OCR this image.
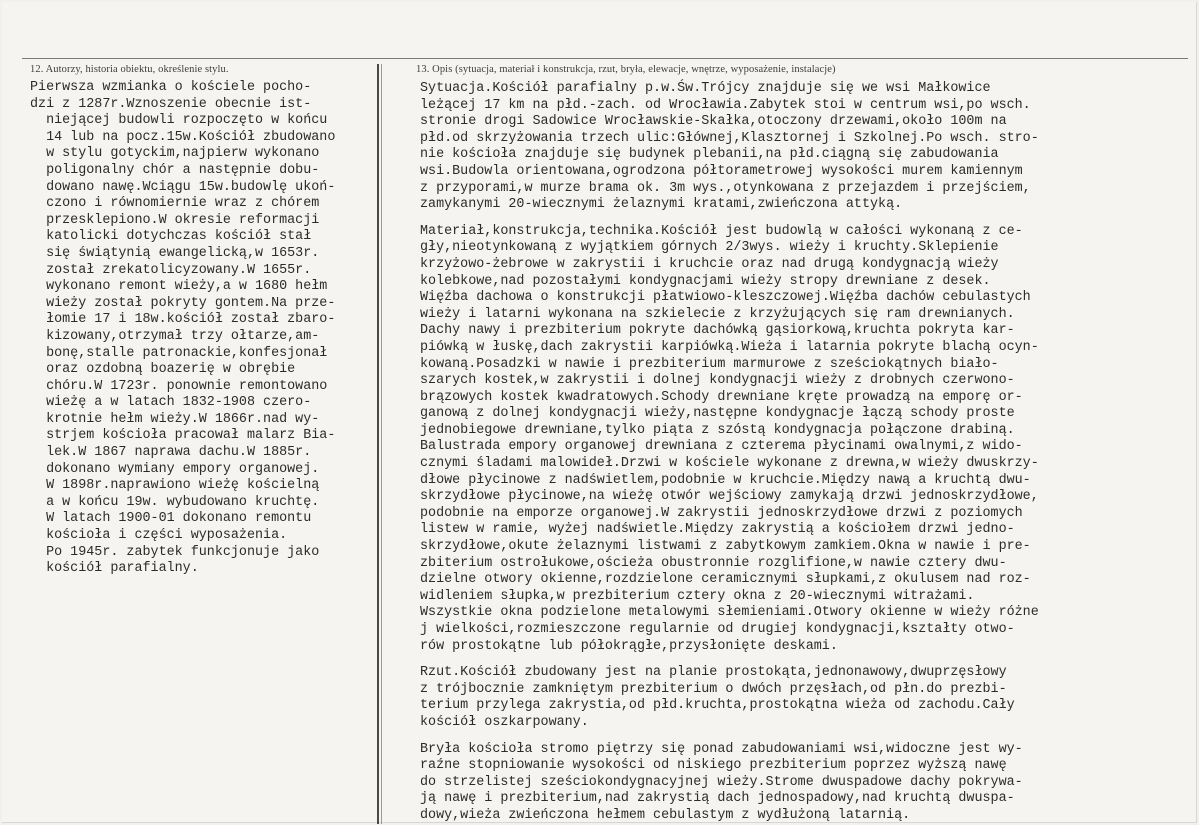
12. Autorzy, historia obiektu, określenie stylu.	13. Opis (sytuacja, materiał i konstrukcja, rzut, bryła, elewacje, wnętrze, wyposażenie, instalacje)
Pierwsza wzmianka o kościele pocho-
dzi z 1287r.Wznoszenie obecnie ist-
niejącej budowli rozpoczęto w końcu
14 lub na pocz.15w.Kościół zbudowano
w stylu gotyckim,najpierw wykonano
poligonalny chór a następnie dobu-
dowano nawę.Wciągu 15w.budowlę ukoń-
czono i równomiernie wraz z chórem
przesklepiono.W okresie reformacji
katolicki dotychczas kościół stał
się świątynią ewangelicką,w 1653r.
został zrekatolicyzowany.W 1655r.
wykonano remont wieży,a w 1680 hełm
wieży został pokryty gontem.Na prze-
łomie 17 i 18w.kościół został zbaro-
kizowany,otrzymał trzy ołtarze,am-
bonę,stalle patronackie,konfesjonał
oraz ozdobną boazerię w obrębie
chóru.W 1723r. ponownie remontowano
wieżę a w latach 1832-1908 czero-
krotnie hełm wieży.W 1866r.nad wy-
strjem kościoła pracował malarz Bia-
lek.W 1867 naprawa dachu.W 1885r.
dokonano wymiany empory organowej.
W 1898r.naprawiono wieżę kościelną
a w końcu 19w. wybudowano kruchtę.
W latach 1900-01 dokonano remontu
kościoła i części wyposażenia.
Po 1945r. zabytek funkcjonuje jako
kościół parafialny.
Sytuacja.Kościół parafialny p.w.Św.Trójcy znajduje się we wsi Małkowice
leżącej 17 km na płd.-zach. od Wrocławia.Zabytek stoi w centrum wsi,po wsch.
stronie drogi Sadowice Wrocławskie-Skałka,otoczony drzewami,około 100m na
płd.od skrzyżowania trzech ulic:Głównej,Klasztornej i Szkolnej.Po wsch. stro-
nie kościoła znajduje się budynek plebanii,na płd.ciągną się zabudowania
wsi.Budowla orientowana,ogrodzona półtorametrowej wysokości murem kamiennym
z przyporami,w murze brama ok. 3m wys.,otynkowana z przejazdem i przejściem,
zamykanymi 20-wiecznymi żelaznymi kratami,zwieńczona attyką.
Materiał,konstrukcja,technika.Kościół jest budowlą w całości wykonaną z ce-
gły,nieotynkowaną z wyjątkiem górnych 2/3wys. wieży i kruchty.Sklepienie
krzyżowo-żebrowe w zakrystii i kruchcie oraz nad drugą kondygnacją wieży
kolebkowe,nad pozostałymi kondygnacjami wieży stropy drewniane z desek.
Więźba dachowa o konstrukcji płatwiowo-kleszczowej.Więźba dachów cebulastych
wieży i latarni wykonana na szkielecie z krzyżujących się ram drewnianych.
Dachy nawy i prezbiterium pokryte dachówką gąsiorkową,kruchta pokryta kar-
piówką w łuskę,dach zakrystii karpiówką.Wieża i latarnia pokryte blachą ocyn-
kowaną.Posadzki w nawie i prezbiterium marmurowe z sześciokątnych biało-
szarych kostek,w zakrystii i dolnej kondygnacji wieży z drobnych czerwono-
brązowych kostek kwadratowych.Schody drewniane kręte prowadzą na emporę or-
ganową z dolnej kondygnacji wieży,następne kondygnacje łączą schody proste
jednobiegowe drewniane,tylko piąta z szóstą kondygnacja połączone drabiną.
Balustrada empory organowej drewniana z czterema płycinami owalnymi,z wido-
cznymi śladami malowideł.Drzwi w kościele wykonane z drewna,w wieży dwuskrzy-
dłowe płycinowe z nadświetlem,podobnie w kruchcie.Między nawą a kruchtą dwu-
skrzydłowe płycinowe,na wieżę otwór wejściowy zamykają drzwi jednoskrzydłowe,
podobnie na emporze organowej.W zakrystii jednoskrzydłowe drzwi z poziomych
listew w ramie, wyżej nadświetle.Między zakrystią a kościołem drzwi jedno-
skrzydłowe,okute żelaznymi listwami z zabytkowym zamkiem.Okna w nawie i pre-
zbiterium ostrołukowe,ościeża obustronnie rozglifione,w nawie cztery dwu-
dzielne otwory okienne,rozdzielone ceramicznymi słupkami,z okulusem nad roz-
widleniem słupka,w prezbiterium cztery okna z 20-wiecznymi witrażami.
Wszystkie okna podzielone metalowymi słemieniami.Otwory okienne w wieży różne
j wielkości,rozmieszczone regularnie od drugiej kondygnacji,kształty otwo-
rów prostokątne lub półokrągłe,przysłonięte deskami.
Rzut.Kościół zbudowany jest na planie prostokąta,jednonawowy,dwuprzęsłowy
z trójbocznie zamkniętym prezbiterium o dwóch przęsłach,od płn.do prezbi-
terium przylega zakrystia,od płd.kruchta,prostokątna wieża od zachodu.Cały
kościół oszkarpowany.
Bryła kościoła stromo piętrzy się ponad zabudowaniami wsi,widoczne jest wy-
raźne stopniowanie wysokości od niskiego prezbiterium poprzez wyższą nawę
do strzelistej sześciokondygnacyjnej wieży.Strome dwuspadowe dachy pokrywa-
ją nawę i prezbiterium,nad zakrystią dach jednospadowy,nad kruchtą dwuspa-
dowy,wieża zwieńczona hełmem cebulastym z wydłużoną latarnią.
